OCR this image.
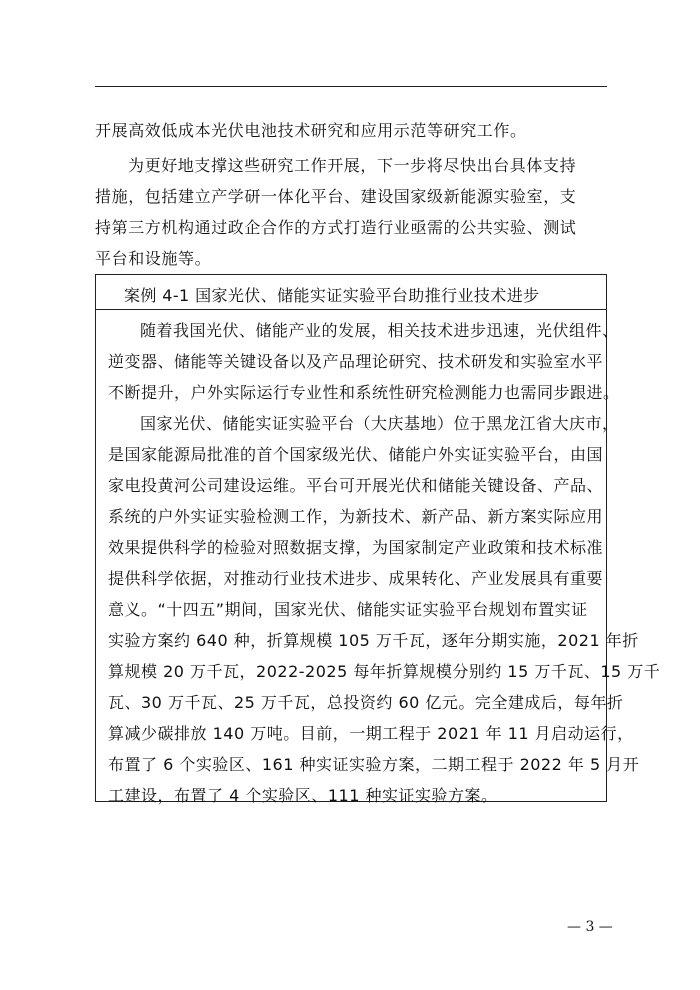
开展高效低成本光伏电池技术研究和应用示范等研究工作。
为更好地支撑这些研究工作开展，下一步将尽快出台具体支持
措施，包括建立产学研一体化平台、建设国家级新能源实验室，支
持第三方机构通过政企合作的方式打造行业亟需的公共实验、测试
平台和设施等。
案例 4-1 国家光伏、储能实证实验平台助推行业技术进步
随着我国光伏、储能产业的发展，相关技术进步迅速，光伏组件、
逆变器、储能等关键设备以及产品理论研究、技术研发和实验室水平
不断提升，户外实际运行专业性和系统性研究检测能力也需同步跟进。
国家光伏、储能实证实验平台（大庆基地）位于黑龙江省大庆市，
是国家能源局批准的首个国家级光伏、储能户外实证实验平台，由国
家电投黄河公司建设运维。平台可开展光伏和储能关键设备、产品、
系统的户外实证实验检测工作，为新技术、新产品、新方案实际应用
效果提供科学的检验对照数据支撑，为国家制定产业政策和技术标准
提供科学依据，对推动行业技术进步、成果转化、产业发展具有重要
意义。“十四五”期间，国家光伏、储能实证实验平台规划布置实证
实验方案约 640 种，折算规模 105 万千瓦，逐年分期实施，2021 年折
算规模 20 万千瓦，2022-2025 每年折算规模分别约 15 万千瓦、15 万千
瓦、30 万千瓦、25 万千瓦，总投资约 60 亿元。完全建成后，每年折
算减少碳排放 140 万吨。目前，一期工程于 2021 年 11 月启动运行，
布置了 6 个实验区、161 种实证实验方案，二期工程于 2022 年 5 月开
工建设，布置了 4 个实验区、111 种实证实验方案。
— 3 —
